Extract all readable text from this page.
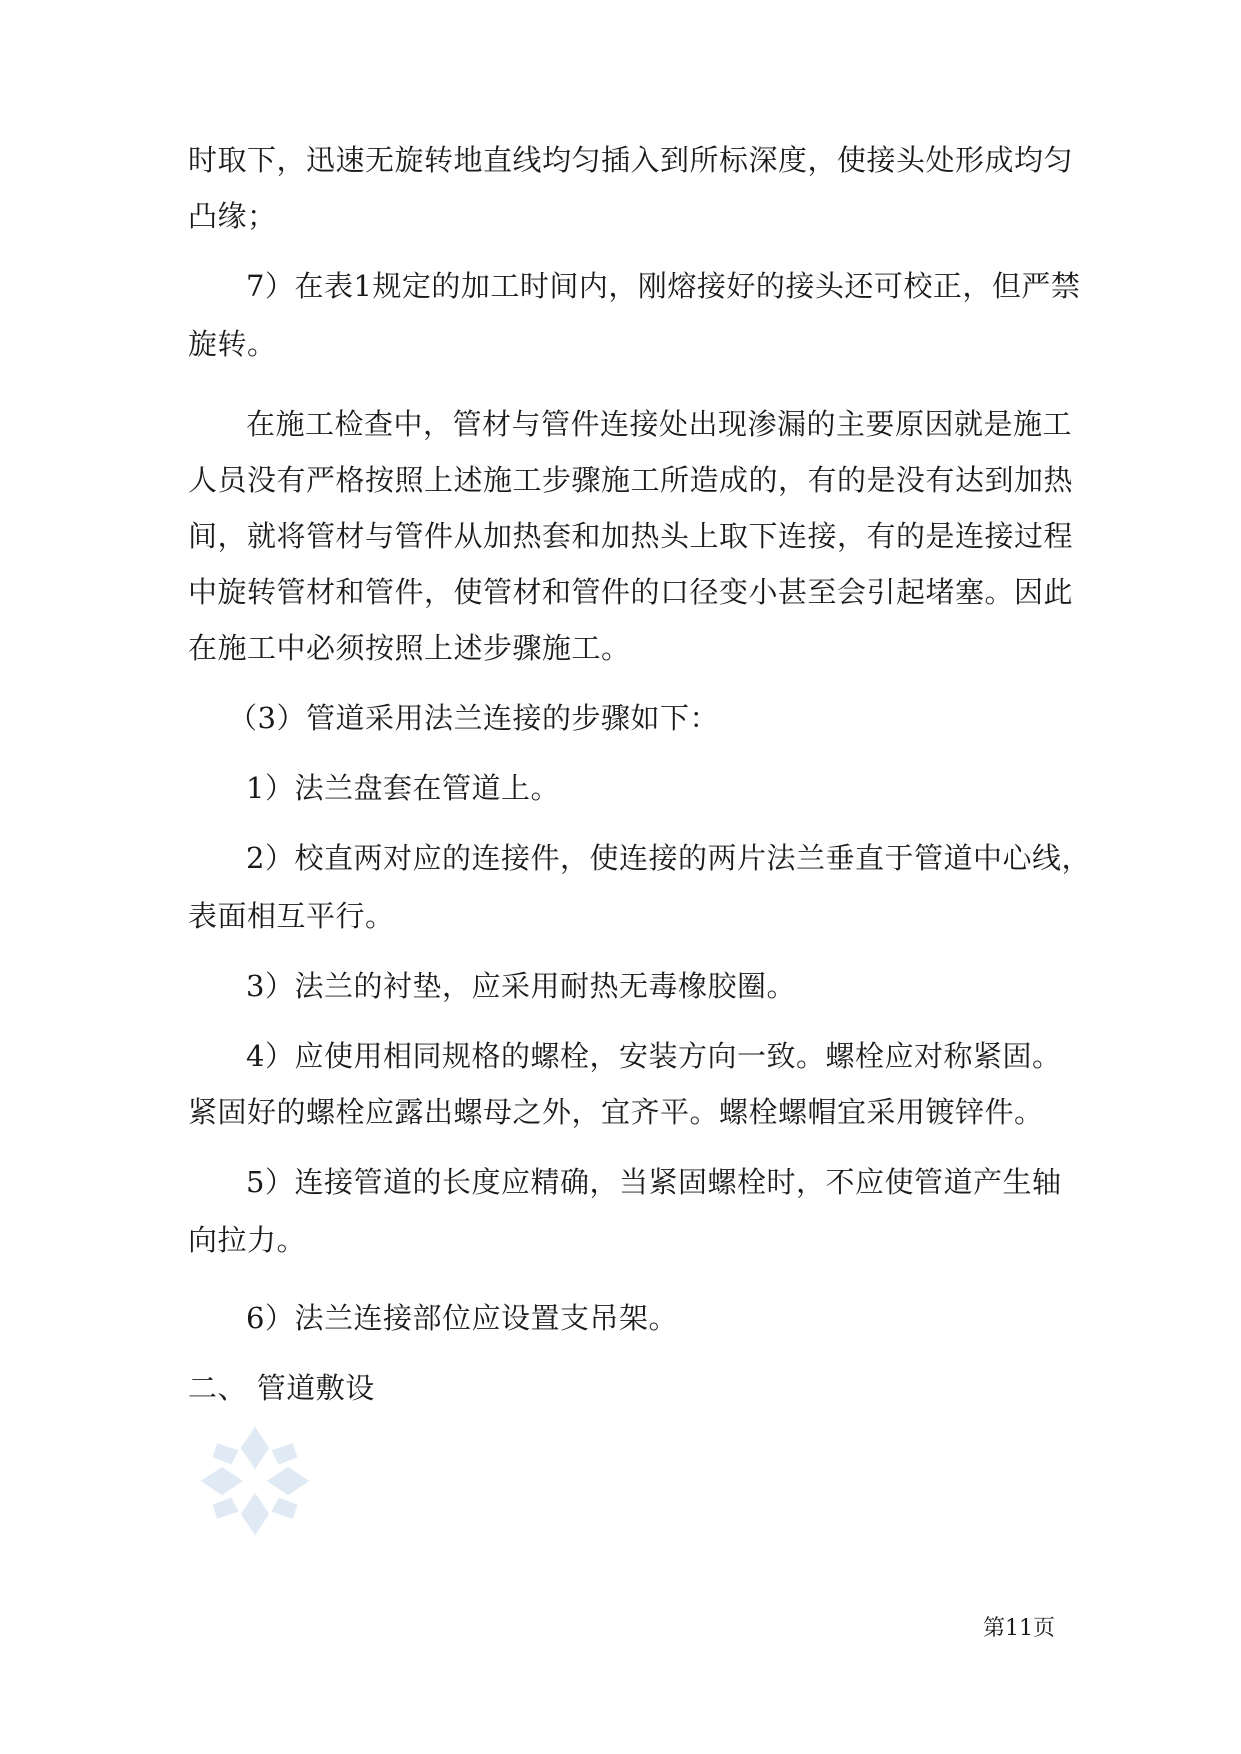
时取下，迅速无旋转地直线均匀插入到所标深度，使接头处形成均匀
凸缘；
7）在表1规定的加工时间内，刚熔接好的接头还可校正，但严禁
旋转。
在施工检查中，管材与管件连接处出现渗漏的主要原因就是施工
人员没有严格按照上述施工步骤施工所造成的，有的是没有达到加热
间，就将管材与管件从加热套和加热头上取下连接，有的是连接过程
中旋转管材和管件，使管材和管件的口径变小甚至会引起堵塞。因此
在施工中必须按照上述步骤施工。
（3）管道采用法兰连接的步骤如下：
1）法兰盘套在管道上。
2）校直两对应的连接件，使连接的两片法兰垂直于管道中心线，
表面相互平行。
3）法兰的衬垫，应采用耐热无毒橡胶圈。
4）应使用相同规格的螺栓，安装方向一致。螺栓应对称紧固。
紧固好的螺栓应露出螺母之外，宜齐平。螺栓螺帽宜采用镀锌件。
5）连接管道的长度应精确，当紧固螺栓时，不应使管道产生轴
向拉力。
6）法兰连接部位应设置支吊架。
二、 管道敷设
第11页
